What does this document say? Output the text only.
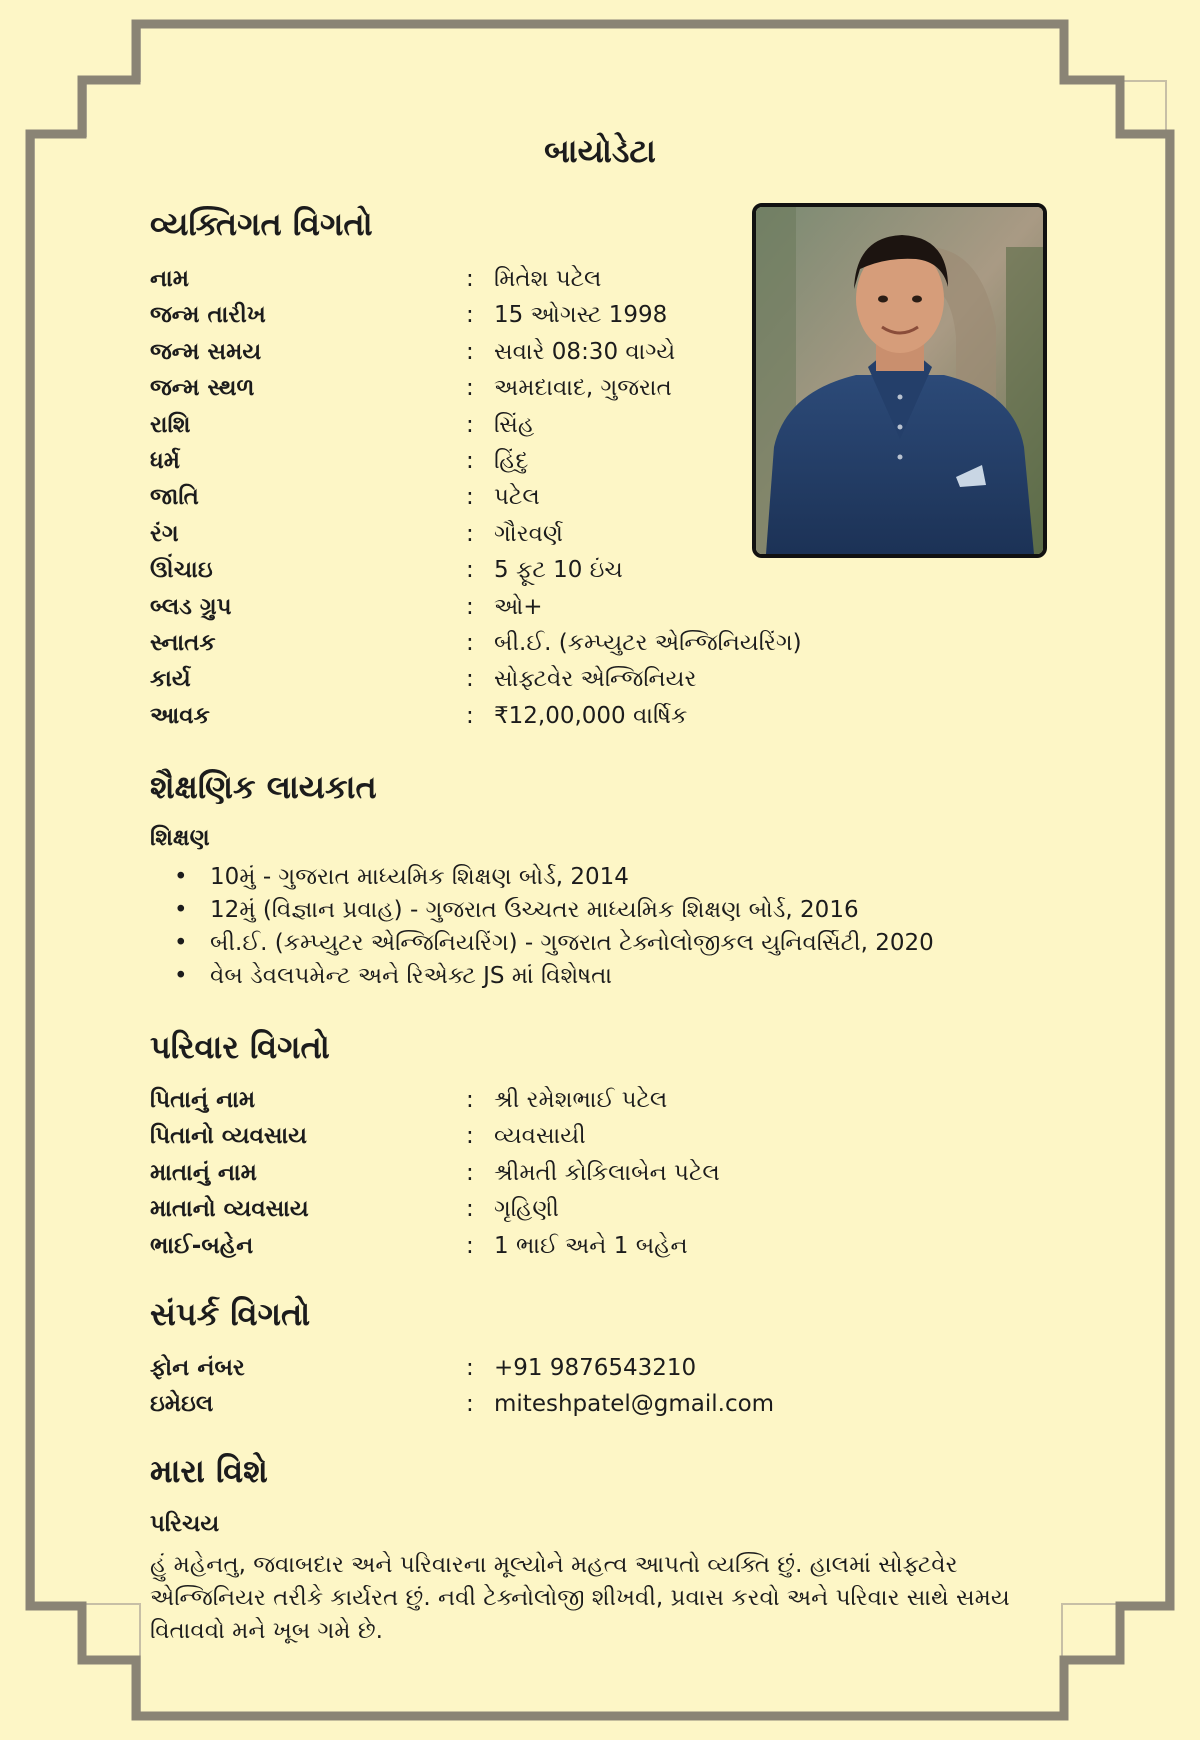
બાયોડેટા
વ્યક્તિગત વિગતો
નામ	: મિતેશ પટેલ
જન્મ તારીખ	: 15 ઓગસ્ટ 1998
જન્મ સમય	: સવારે 08:30 વાગ્યે
જન્મ સ્થળ	: અમદાવાદ, ગુજરાત
રાશિ	: સિંહ
ધર્મ	: હિંદુ
જાતિ	: પટેલ
રંગ	: ગૌરવર્ણ
ઊંચાઇ	: 5 ફૂટ 10 ઇંચ
બ્લડ ગ્રુપ	: ઓ+
સ્નાતક	: બી.ઈ. (કમ્પ્યુટર એન્જિનિયરિંગ)
કાર્ય	: સોફ્ટવેર એન્જિનિયર
આવક	: ₹12,00,000 વાર્ષિક
શૈક્ષણિક લાયકાત
શિક્ષણ
• 10મું - ગુજરાત માધ્યમિક શિક્ષણ બોર્ડ, 2014
• 12મું (વિજ્ઞાન પ્રવાહ) - ગુજરાત ઉચ્ચતર માધ્યમિક શિક્ષણ બોર્ડ, 2016
• બી.ઈ. (કમ્પ્યુટર એન્જિનિયરિંગ) - ગુજરાત ટેક્નોલોજીકલ યુનિવર્સિટી, 2020
• વેબ ડેવલપમેન્ટ અને રિએક્ટ JS માં વિશેષતા
પરિવાર વિગતો
પિતાનું નામ	: શ્રી રમેશભાઈ પટેલ
પિતાનો વ્યવસાય	: વ્યવસાયી
માતાનું નામ	: શ્રીમતી કોકિલાબેન પટેલ
માતાનો વ્યવસાય	: ગૃહિણી
ભાઈ-બહેન	: 1 ભાઈ અને 1 બહેન
સંપર્ક વિગતો
ફોન નંબર	: +91 9876543210
ઇમેઇલ	: miteshpatel@gmail.com
મારા વિશે
પરિચય
હું મહેનતુ, જવાબદાર અને પરિવારના મૂલ્યોને મહત્વ આપતો વ્યક્તિ છું. હાલમાં સોફ્ટવેર એન્જિનિયર તરીકે કાર્યરત છું. નવી ટેક્નોલોજી શીખવી, પ્રવાસ કરવો અને પરિવાર સાથે સમય વિતાવવો મને ખૂબ ગમે છે.
